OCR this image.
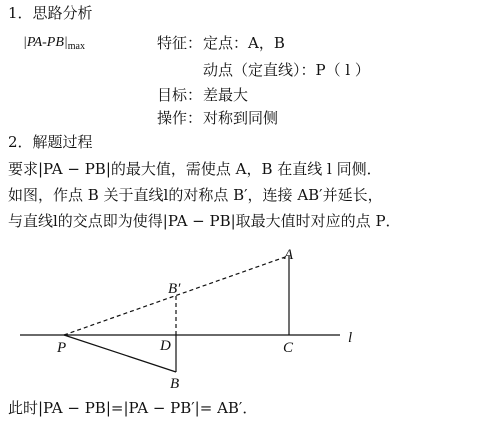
1．思路分析
$|PA-PB|_{max}$	特征： 定点：A，B
动点（定直线）：P（ l ）
目标： 差最大
操作： 对称到同侧
2．解题过程
要求|PA − PB|的最大值，需使点 A，B 在直线 l 同侧．
如图，作点 B 关于直线l的对称点 B′，连接 AB′并延长，
与直线l的交点即为使得|PA − PB|取最大值时对应的点 P．
A
B′
P	D	C
l
B
此时|PA − PB|=|PA − PB′|= AB′．
